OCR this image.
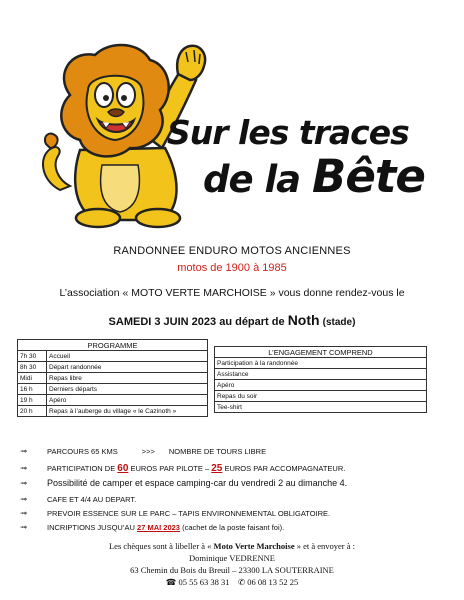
Sur les traces
de la Bête
RANDONNEE ENDURO MOTOS ANCIENNES
motos de 1900 à 1985
L’association « MOTO VERTE MARCHOISE » vous donne rendez-vous le
SAMEDI 3 JUIN 2023 au départ de Noth (stade)
PROGRAMME	
7h 30	Accueil
8h 30	Départ randonnée
Midi	Repas libre
16 h	Derniers départs
19 h	Apéro
20 h	Repas à l’auberge du village « le Cazinoth »
L’ENGAGEMENT COMPREND
Participation à la randonnée
Assistance
Apéro
Repas du soir
Tee-shirt
➟	PARCOURS 65 KMS	>>> NOMBRE DE TOURS LIBRE
➟	PARTICIPATION DE
60
EUROS PAR PILOTE –
25
EUROS PAR ACCOMPAGNATEUR.
➟	Possibilité de camper et espace camping-car du vendredi 2 au dimanche 4.
➟	CAFE ET 4/4 AU DEPART.
➟	PREVOIR ESSENCE SUR LE PARC – TAPIS ENVIRONNEMENTAL OBLIGATOIRE.
➟	INCRIPTIONS JUSQU’AU
27 MAI 2023
(cachet de la poste faisant foi).
Les chèques sont à libeller à « Moto Verte Marchoise » et à envoyer à :
Dominique VEDRENNE
63 Chemin du Bois du Breuil – 23300 LA SOUTERRAINE
☎ 05 55 63 38 31 ✆ 06 08 13 52 25
